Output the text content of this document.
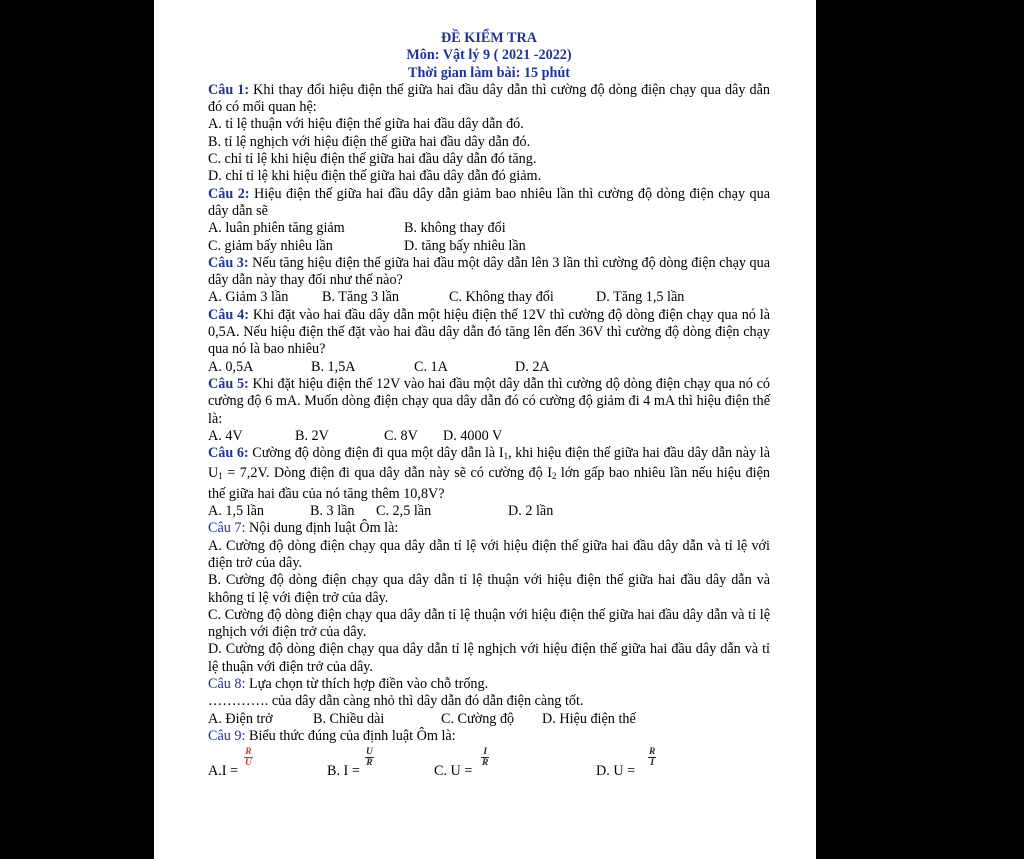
ĐỀ KIỂM TRA
Môn: Vật lý 9 ( 2021 -2022)
Thời gian làm bài: 15 phút
Câu 1: Khi thay đổi hiệu điện thế giữa hai đầu dây dẫn thì cường độ dòng điện chạy qua dây dẫn đó có mối quan hệ:
A. tỉ lệ thuận với hiệu điện thế giữa hai đầu dây dẫn đó.
B. tỉ lệ nghịch với hiệu điện thế giữa hai đầu dây dẫn đó.
C. chỉ tỉ lệ khi hiệu điện thế giữa hai đầu dây dẫn đó tăng.
D. chỉ tỉ lệ khi hiệu điện thế giữa hai đầu dây dẫn đó giảm.
Câu 2: Hiệu điện thế giữa hai đầu dây dẫn giảm bao nhiêu lần thì cường độ dòng điện chạy qua dây dẫn sẽ
A. luân phiên tăng giảm	B. không thay đổi
C. giảm bấy nhiêu lần	D. tăng bấy nhiêu lần
Câu 3: Nếu tăng hiệu điện thế giữa hai đầu một dây dẫn lên 3 lần thì cường độ dòng điện chạy qua dây dẫn này thay đổi như thế nào?
A. Giảm 3 lần B. Tăng 3 lần	C. Không thay đổi	D. Tăng 1,5 lần
Câu 4: Khi đặt vào hai đầu dây dẫn một hiệu điện thế 12V thì cường độ dòng điện chạy qua nó là 0,5A. Nếu hiệu điện thế đặt vào hai đầu dây dẫn đó tăng lên đến 36V thì cường độ dòng điện chạy qua nó là bao nhiêu?
A. 0,5A	B. 1,5A	C. 1A	D. 2A
Câu 5: Khi đặt hiệu điện thế 12V vào hai đầu một dây dẫn thì cường dộ dòng điện chạy qua nó có cường độ 6 mA. Muốn dòng điện chạy qua dây dẫn đó có cường độ giảm đi 4 mA thì hiệu điện thế là:
A. 4V	B. 2V	C. 8V D. 4000 V
Câu 6: Cường độ dòng điện đi qua một dây dẫn là $I_1$, khi hiệu điện thế giữa hai đầu dây dẫn này là $U_1 = 7,2V$. Dòng điện đi qua dây dẫn này sẽ có cường độ $I_2$ lớn gấp bao nhiêu lần nếu hiệu điện thế giữa hai đầu của nó tăng thêm 10,8V?
A. 1,5 lần	B. 3 lần C. 2,5 lần	D. 2 lần
Câu 7: Nội dung định luật Ôm là:
A. Cường độ dòng điện chạy qua dây dẫn tỉ lệ với hiệu điện thế giữa hai đầu dây dẫn và tỉ lệ với điện trở của dây.
B. Cường độ dòng điện chạy qua dây dẫn tỉ lệ thuận với hiệu điện thế giữa hai đầu dây dẫn và không tỉ lệ với điện trở của dây.
C. Cường độ dòng điện chạy qua dây dẫn tỉ lệ thuận với hiệu điện thế giữa hai đầu dây dẫn và tỉ lệ nghịch với điện trở của dây.
D. Cường độ dòng điện chạy qua dây dẫn tỉ lệ nghịch với hiệu điện thế giữa hai đầu dây dẫn và tỉ lệ thuận với điện trở của dây.
Câu 8: Lựa chọn từ thích hợp điền vào chỗ trống.
…………. của dây dẫn càng nhỏ thì dây dẫn đó dẫn điện càng tốt.
A. Điện trở	B. Chiều dài	C. Cường độ D. Hiệu điện thế
Câu 9: Biểu thức đúng của định luật Ôm là:
A.I =
$\frac{R}{U}$
B. I =
$\frac{U}{R}$
C. U =
$\frac{I}{R}$
D. U =
$\frac{R}{I}$
